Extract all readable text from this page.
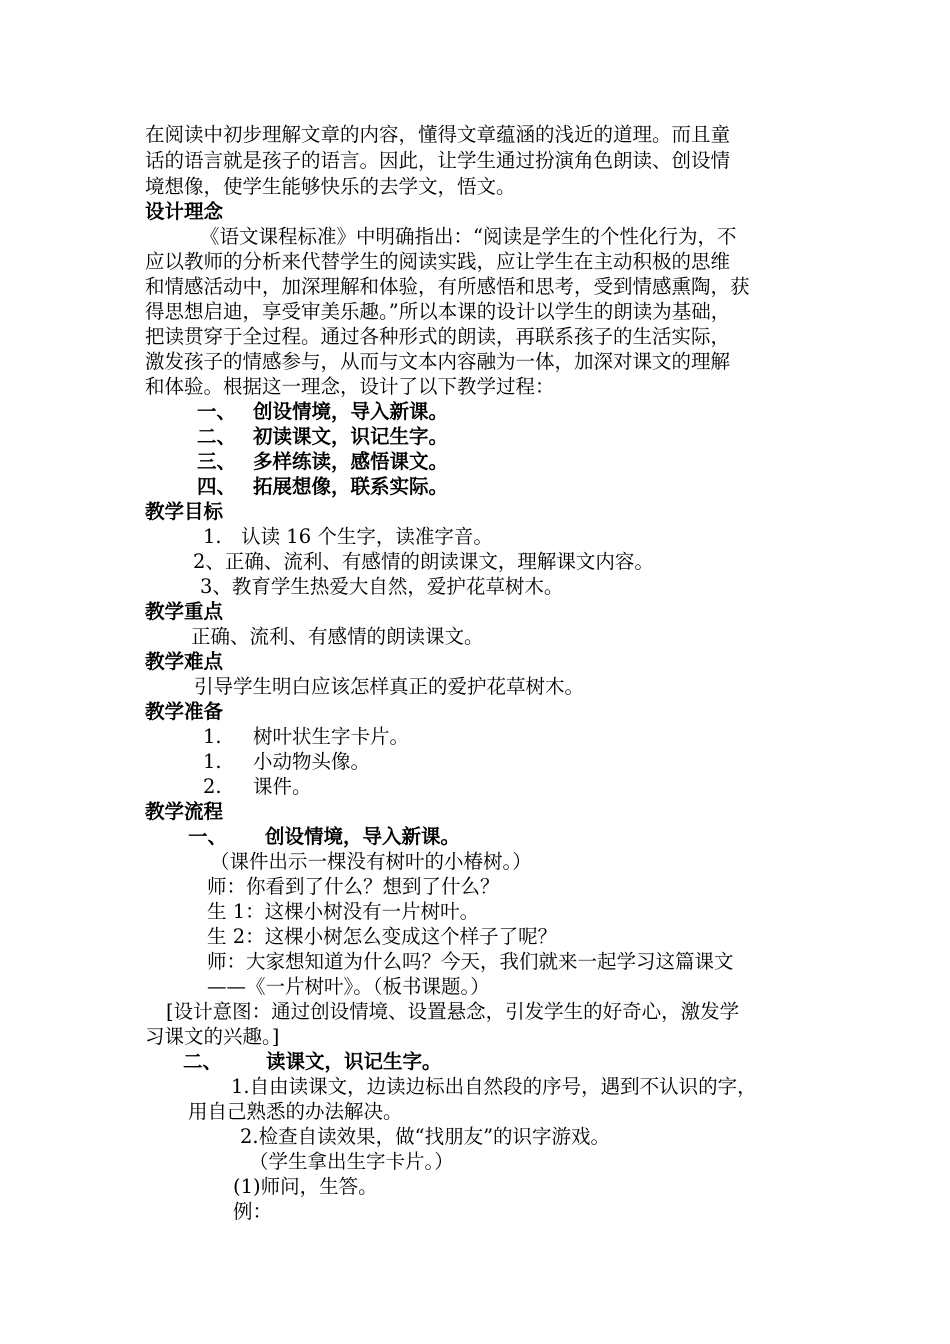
在阅读中初步理解文章的内容，懂得文章蕴涵的浅近的道理。而且童
话的语言就是孩子的语言。因此，让学生通过扮演角色朗读、创设情
境想像，使学生能够快乐的去学文，悟文。
设计理念
《语文课程标准》中明确指出：“阅读是学生的个性化行为，不
应以教师的分析来代替学生的阅读实践，应让学生在主动积极的思维
和情感活动中，加深理解和体验，有所感悟和思考，受到情感熏陶，获
得思想启迪，享受审美乐趣。”所以本课的设计以学生的朗读为基础，
把读贯穿于全过程。通过各种形式的朗读，再联系孩子的生活实际，
激发孩子的情感参与，从而与文本内容融为一体，加深对课文的理解
和体验。根据这一理念，设计了以下教学过程：
一、 创设情境，导入新课。
二、 初读课文，识记生字。
三、 多样练读，感悟课文。
四、 拓展想像，联系实际。
教学目标
1.　认读 16 个生字，读准字音。
2、正确、流利、有感情的朗读课文，理解课文内容。
3、教育学生热爱大自然，爱护花草树木。
教学重点
正确、流利、有感情的朗读课文。
教学难点
引导学生明白应该怎样真正的爱护花草树木。
教学准备
1. 树叶状生字卡片。
1. 小动物头像。
2. 课件。
教学流程
一、 创设情境，导入新课。
（课件出示一棵没有树叶的小椿树。）
师：你看到了什么？想到了什么？
生 1：这棵小树没有一片树叶。
生 2：这棵小树怎么变成这个样子了呢？
师：大家想知道为什么吗？今天，我们就来一起学习这篇课文
——《一片树叶》。（板书课题。）
[设计意图：通过创设情境、设置悬念，引发学生的好奇心，激发学
习课文的兴趣。]
二、 读课文，识记生字。
1.自由读课文，边读边标出自然段的序号，遇到不认识的字，
用自己熟悉的办法解决。
2.检查自读效果，做“找朋友”的识字游戏。
（学生拿出生字卡片。）
(1)师问，生答。
例：
